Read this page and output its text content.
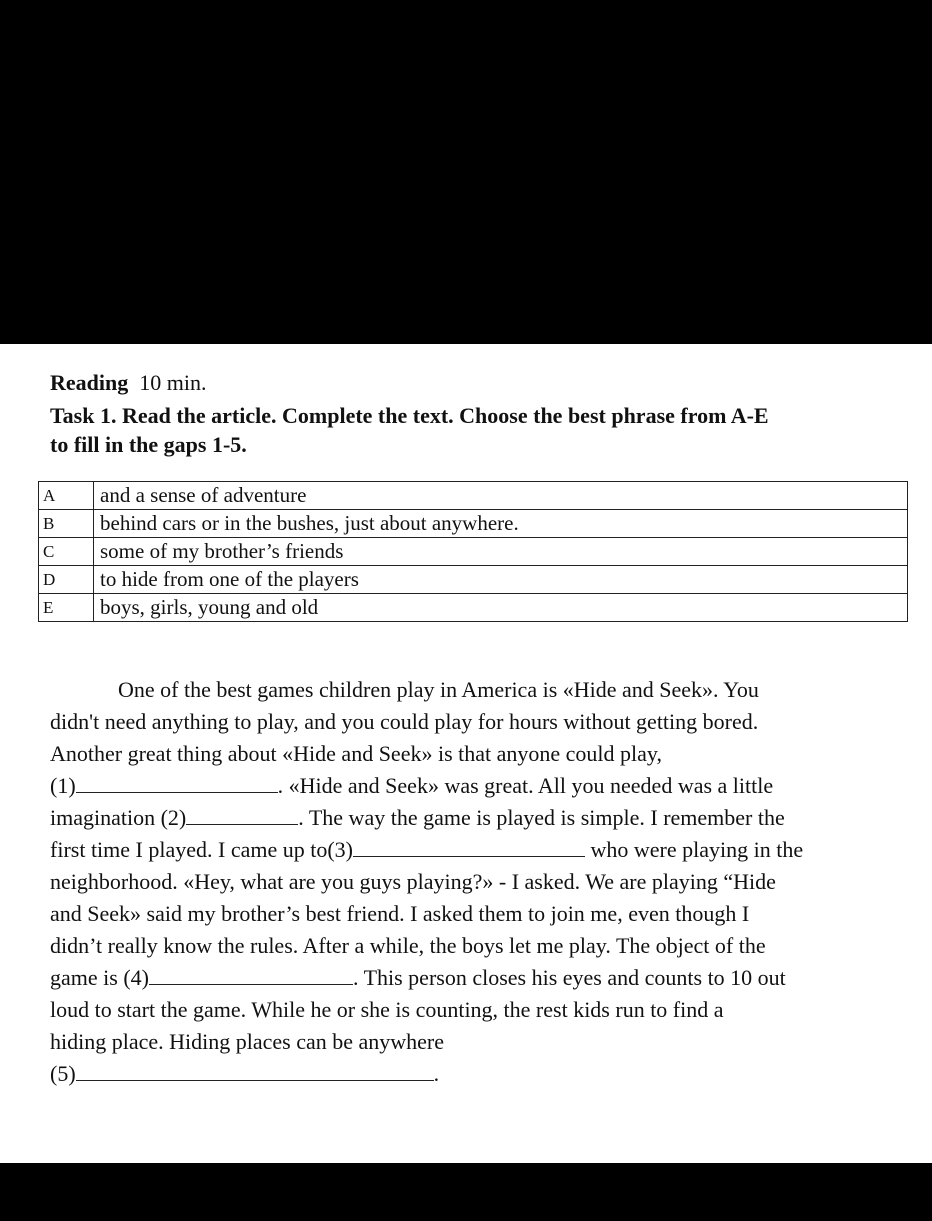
Reading 10 min.
Task 1. Read the article. Complete the text. Choose the best phrase from A-E
to fill in the gaps 1-5.
A	and a sense of adventure
B	behind cars or in the bushes, just about anywhere.
C	some of my brother’s friends
D	to hide from one of the players
E	boys, girls, young and old
One of the best games children play in America is «Hide and Seek». You
didn't need anything to play, and you could play for hours without getting bored.
Another great thing about «Hide and Seek» is that anyone could play,
(1)	. «Hide and Seek» was great. All you needed was a little
imagination (2)	. The way the game is played is simple. I remember the
first time I played. I came up to(3)	who were playing in the
neighborhood. «Hey, what are you guys playing?» - I asked. We are playing “Hide
and Seek» said my brother’s best friend. I asked them to join me, even though I
didn’t really know the rules. After a while, the boys let me play. The object of the
game is (4)	. This person closes his eyes and counts to 10 out
loud to start the game. While he or she is counting, the rest kids run to find a
hiding place. Hiding places can be anywhere
(5)	.
